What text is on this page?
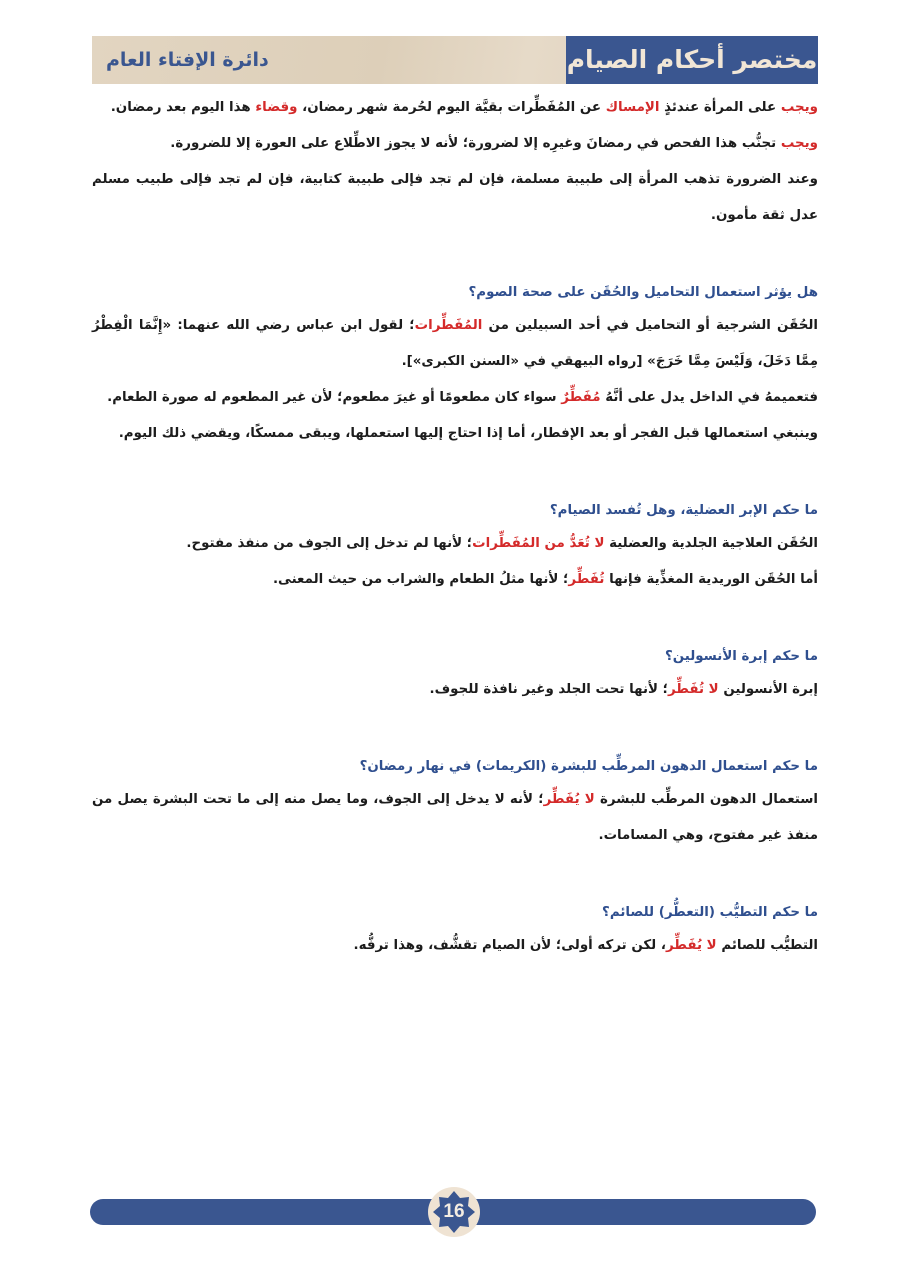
مختصر أحكام الصيام
دائرة الإفتاء العام

ويجب على المرأة عندئذٍ الإمساك عن المُفَطِّرات بقيَّة اليوم لحُرمة شهر رمضان، وقضاء هذا اليوم بعد رمضان.

ويجب تجنُّب هذا الفحص في رمضانَ وغيرِه إلا لضرورة؛ لأنه لا يجوز الاطِّلاع على العورة إلا للضرورة.

وعند الضرورة تذهب المرأة إلى طبيبة مسلمة، فإن لم تجد فإلى طبيبة كتابية، فإن لم تجد فإلى طبيب مسلم عدل ثقة مأمون.

هل يؤثر استعمال التحاميل والحُقَن على صحة الصوم؟

الحُقَن الشرجية أو التحاميل في أحد السبيلين من المُفَطِّرات؛ لقول ابن عباس رضي الله عنهما: «إِنَّمَا الْفِطْرُ مِمَّا دَخَلَ، وَلَيْسَ مِمَّا خَرَجَ» [رواه البيهقي في «السنن الكبرى»].

فتعميمهُ في الداخل يدل على أنَّهُ مُفَطِّرٌ سواء كان مطعومًا أو غيرَ مطعوم؛ لأن غير المطعوم له صورة الطعام.

وينبغي استعمالها قبل الفجر أو بعد الإفطار، أما إذا احتاج إليها استعملها، ويبقى ممسكًا، ويقضي ذلك اليوم.

ما حكم الإبر العضلية، وهل تُفسد الصيام؟

الحُقَن العلاجية الجلدية والعضلية لا تُعَدُّ من المُفَطِّرات؛ لأنها لم تدخل إلى الجوف من منفذ مفتوح.

أما الحُقَن الوريدية المغذِّية فإنها تُفَطِّر؛ لأنها مثلُ الطعام والشراب من حيث المعنى.

ما حكم إبرة الأنسولين؟

إبرة الأنسولين لا تُفَطِّر؛ لأنها تحت الجلد وغير نافذة للجوف.

ما حكم استعمال الدهون المرطِّب للبشرة (الكريمات) في نهار رمضان؟

استعمال الدهون المرطِّب للبشرة لا يُفَطِّر؛ لأنه لا يدخل إلى الجوف، وما يصل منه إلى ما تحت البشرة يصل من منفذ غير مفتوح، وهي المسامات.

ما حكم التطيُّب (التعطُّر) للصائم؟

التطيُّب للصائم لا يُفَطِّر، لكن تركه أولى؛ لأن الصيام تقشُّف، وهذا ترفُّه.

16
